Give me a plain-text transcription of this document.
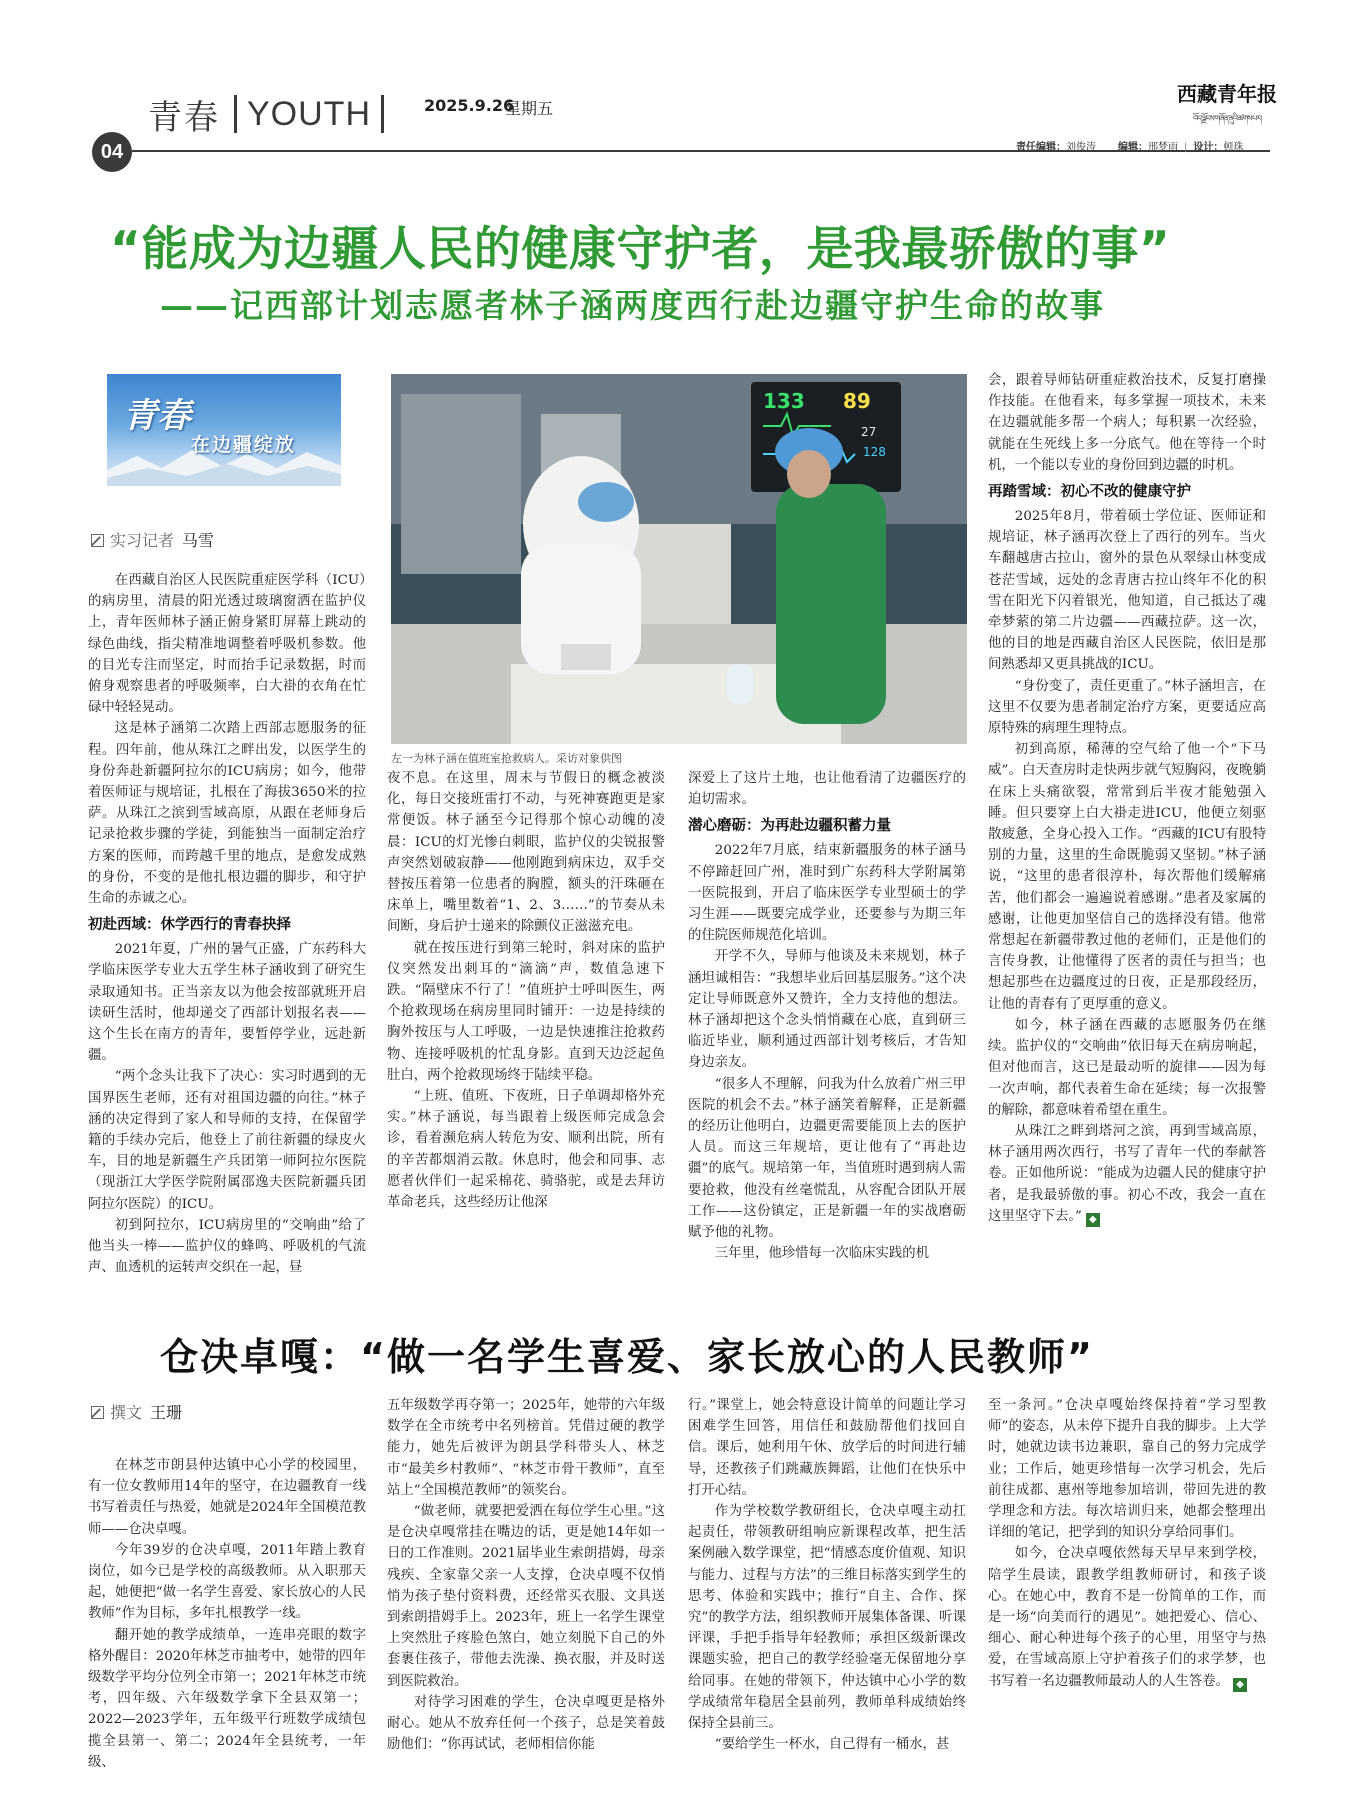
青春 YOUTH	2025.9.26
星期五
04
西藏青年报
བོད་ལྗོངས་གཞོན་ནུའི་ཚགས་པར།
责任编辑：刘俊涛　 编辑：邢梦雨 | 设计：顿珠
“能成为边疆人民的健康守护者，是我最骄傲的事”
——记西部计划志愿者林子涵两度西行赴边疆守护生命的故事
青春
在边疆绽放
实习记者 马雪

在西藏自治区人民医院重症医学科（ICU）的病房里，清晨的阳光透过玻璃窗洒在监护仪上，青年医师林子涵正俯身紧盯屏幕上跳动的绿色曲线，指尖精准地调整着呼吸机参数。他的目光专注而坚定，时而抬手记录数据，时而俯身观察患者的呼吸频率，白大褂的衣角在忙碌中轻轻晃动。

这是林子涵第二次踏上西部志愿服务的征程。四年前，他从珠江之畔出发，以医学生的身份奔赴新疆阿拉尔的ICU病房；如今，他带着医师证与规培证，扎根在了海拔3650米的拉萨。从珠江之滨到雪域高原，从跟在老师身后记录抢救步骤的学徒，到能独当一面制定治疗方案的医师，而跨越千里的地点，是愈发成熟的身份，不变的是他扎根边疆的脚步，和守护生命的赤诚之心。

初赴西域：休学西行的青春抉择

2021年夏，广州的暑气正盛，广东药科大学临床医学专业大五学生林子涵收到了研究生录取通知书。正当亲友以为他会按部就班开启读研生活时，他却递交了西部计划报名表——这个生长在南方的青年，要暂停学业，远赴新疆。

“两个念头让我下了决心：实习时遇到的无国界医生老师，还有对祖国边疆的向往。”林子涵的决定得到了家人和导师的支持，在保留学籍的手续办完后，他登上了前往新疆的绿皮火车，目的地是新疆生产兵团第一师阿拉尔医院（现浙江大学医学院附属邵逸夫医院新疆兵团阿拉尔医院）的ICU。

初到阿拉尔，ICU病房里的“交响曲”给了他当头一棒——监护仪的蜂鸣、呼吸机的气流声、血透机的运转声交织在一起，昼

133 89
27
128
左一为林子涵在值班室抢救病人。采访对象供图

夜不息。在这里，周末与节假日的概念被淡化，每日交接班雷打不动，与死神赛跑更是家常便饭。林子涵至今记得那个惊心动魄的凌晨：ICU的灯光惨白刺眼，监护仪的尖锐报警声突然划破寂静——他刚跑到病床边，双手交替按压着第一位患者的胸膛，额头的汗珠砸在床单上，嘴里数着“1、2、3……”的节奏从未间断，身后护士递来的除颤仪正滋滋充电。

就在按压进行到第三轮时，斜对床的监护仪突然发出刺耳的“滴滴”声，数值急速下跌。“隔壁床不行了！”值班护士呼叫医生，两个抢救现场在病房里同时铺开：一边是持续的胸外按压与人工呼吸，一边是快速推注抢救药物、连接呼吸机的忙乱身影。直到天边泛起鱼肚白，两个抢救现场终于陆续平稳。

“上班、值班、下夜班，日子单调却格外充实。”林子涵说，每当跟着上级医师完成急会诊，看着濒危病人转危为安、顺利出院，所有的辛苦都烟消云散。休息时，他会和同事、志愿者伙伴们一起采棉花、骑骆驼，或是去拜访革命老兵，这些经历让他深

深爱上了这片土地，也让他看清了边疆医疗的迫切需求。

潜心磨砺：为再赴边疆积蓄力量

2022年7月底，结束新疆服务的林子涵马不停蹄赶回广州，准时到广东药科大学附属第一医院报到，开启了临床医学专业型硕士的学习生涯——既要完成学业，还要参与为期三年的住院医师规范化培训。

开学不久，导师与他谈及未来规划，林子涵坦诚相告：“我想毕业后回基层服务。”这个决定让导师既意外又赞许，全力支持他的想法。林子涵却把这个念头悄悄藏在心底，直到研三临近毕业，顺利通过西部计划考核后，才告知身边亲友。

“很多人不理解，问我为什么放着广州三甲医院的机会不去。”林子涵笑着解释，正是新疆的经历让他明白，边疆更需要能顶上去的医护人员。而这三年规培，更让他有了“再赴边疆”的底气。规培第一年，当值班时遇到病人需要抢救，他没有丝毫慌乱，从容配合团队开展工作——这份镇定，正是新疆一年的实战磨砺赋予他的礼物。

三年里，他珍惜每一次临床实践的机

会，跟着导师钻研重症救治技术，反复打磨操作技能。在他看来，每多掌握一项技术，未来在边疆就能多帮一个病人；每积累一次经验，就能在生死线上多一分底气。他在等待一个时机，一个能以专业的身份回到边疆的时机。

再踏雪域：初心不改的健康守护

2025年8月，带着硕士学位证、医师证和规培证，林子涵再次登上了西行的列车。当火车翻越唐古拉山，窗外的景色从翠绿山林变成苍茫雪域，远处的念青唐古拉山终年不化的积雪在阳光下闪着银光，他知道，自己抵达了魂牵梦萦的第二片边疆——西藏拉萨。这一次，他的目的地是西藏自治区人民医院，依旧是那间熟悉却又更具挑战的ICU。

“身份变了，责任更重了。”林子涵坦言，在这里不仅要为患者制定治疗方案，更要适应高原特殊的病理生理特点。

初到高原，稀薄的空气给了他一个“下马威”。白天查房时走快两步就气短胸闷，夜晚躺在床上头痛欲裂，常常到后半夜才能勉强入睡。但只要穿上白大褂走进ICU，他便立刻驱散疲惫，全身心投入工作。“西藏的ICU有股特别的力量，这里的生命既脆弱又坚韧。”林子涵说，“这里的患者很淳朴，每次帮他们缓解痛苦，他们都会一遍遍说着感谢。”患者及家属的感谢，让他更加坚信自己的选择没有错。他常常想起在新疆带教过他的老师们，正是他们的言传身教，让他懂得了医者的责任与担当；也想起那些在边疆度过的日夜，正是那段经历，让他的青春有了更厚重的意义。

如今，林子涵在西藏的志愿服务仍在继续。监护仪的“交响曲”依旧每天在病房响起，但对他而言，这已是最动听的旋律——因为每一次声响，都代表着生命在延续；每一次报警的解除，都意味着希望在重生。

从珠江之畔到塔河之滨，再到雪域高原，林子涵用两次西行，书写了青年一代的奉献答卷。正如他所说：“能成为边疆人民的健康守护者，是我最骄傲的事。初心不改，我会一直在这里坚守下去。” ◆

仓决卓嘎：“做一名学生喜爱、家长放心的人民教师”
撰文 王珊

在林芝市朗县仲达镇中心小学的校园里，有一位女教师用14年的坚守，在边疆教育一线书写着责任与热爱，她就是2024年全国模范教师——仓决卓嘎。

今年39岁的仓决卓嘎，2011年踏上教育岗位，如今已是学校的高级教师。从入职那天起，她便把“做一名学生喜爱、家长放心的人民教师”作为目标，多年扎根教学一线。

翻开她的教学成绩单，一连串亮眼的数字格外醒目：2020年林芝市抽考中，她带的四年级数学平均分位列全市第一；2021年林芝市统考，四年级、六年级数学拿下全县双第一；2022—2023学年，五年级平行班数学成绩包揽全县第一、第二；2024年全县统考，一年级、

五年级数学再夺第一；2025年，她带的六年级数学在全市统考中名列榜首。凭借过硬的教学能力，她先后被评为朗县学科带头人、林芝市“最美乡村教师”、“林芝市骨干教师”，直至站上“全国模范教师”的领奖台。

“做老师，就要把爱洒在每位学生心里。”这是仓决卓嘎常挂在嘴边的话，更是她14年如一日的工作准则。2021届毕业生索朗措姆，母亲残疾、全家靠父亲一人支撑，仓决卓嘎不仅悄悄为孩子垫付资料费，还经常买衣服、文具送到索朗措姆手上。2023年，班上一名学生课堂上突然肚子疼脸色煞白，她立刻脱下自己的外套裹住孩子，带他去洗澡、换衣服，并及时送到医院救治。

对待学习困难的学生，仓决卓嘎更是格外耐心。她从不放弃任何一个孩子，总是笑着鼓励他们：“你再试试，老师相信你能

行。”课堂上，她会特意设计简单的问题让学习困难学生回答，用信任和鼓励帮他们找回自信。课后，她利用午休、放学后的时间进行辅导，还教孩子们跳藏族舞蹈，让他们在快乐中打开心结。

作为学校数学教研组长，仓决卓嘎主动扛起责任，带领教研组响应新课程改革，把生活案例融入数学课堂，把“情感态度价值观、知识与能力、过程与方法”的三维目标落实到学生的思考、体验和实践中；推行“自主、合作、探究”的教学方法，组织教师开展集体备课、听课评课，手把手指导年轻教师；承担区级新课改课题实验，把自己的教学经验毫无保留地分享给同事。在她的带领下，仲达镇中心小学的数学成绩常年稳居全县前列，教师单科成绩始终保持全县前三。

“要给学生一杯水，自己得有一桶水，甚

至一条河。”仓决卓嘎始终保持着“学习型教师”的姿态，从未停下提升自我的脚步。上大学时，她就边读书边兼职，靠自己的努力完成学业；工作后，她更珍惜每一次学习机会，先后前往成都、惠州等地参加培训，带回先进的教学理念和方法。每次培训归来，她都会整理出详细的笔记，把学到的知识分享给同事们。

如今，仓决卓嘎依然每天早早来到学校，陪学生晨读，跟教学组教师研讨，和孩子谈心。在她心中，教育不是一份简单的工作，而是一场“向美而行的遇见”。她把爱心、信心、细心、耐心种进每个孩子的心里，用坚守与热爱，在雪域高原上守护着孩子们的求学梦，也书写着一名边疆教师最动人的人生答卷。 ◆
